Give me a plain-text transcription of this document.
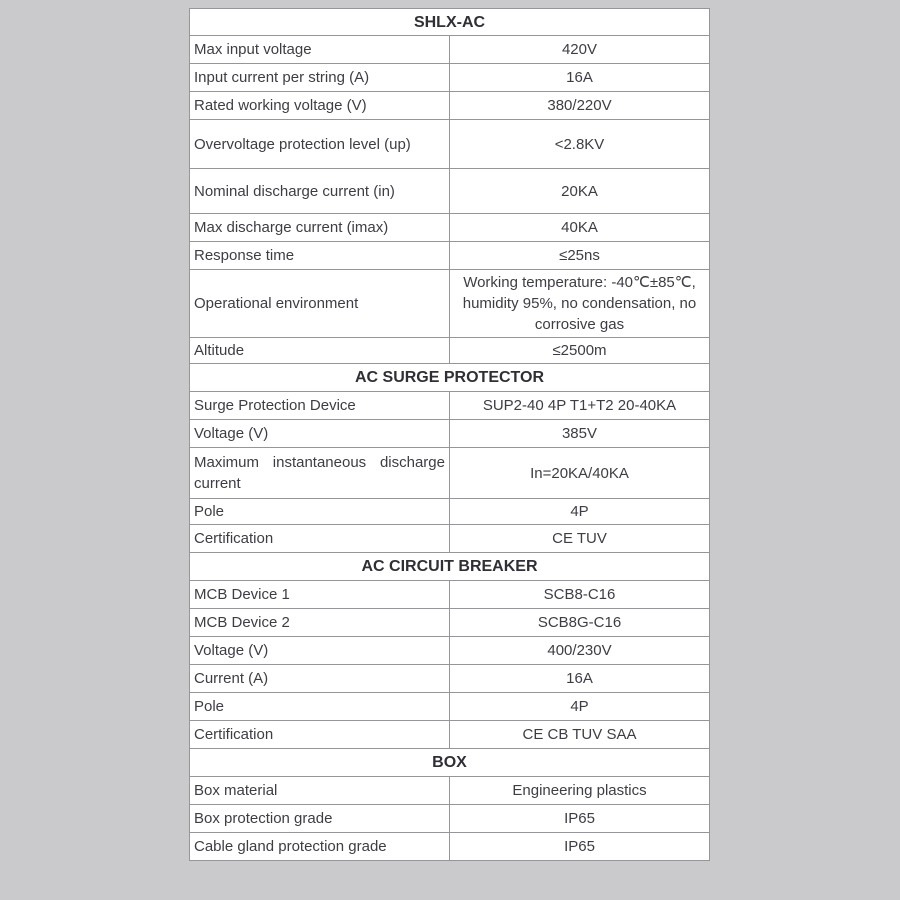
SHLX-AC	
Max input voltage	420V
Input current per string (A)	16A
Rated working voltage (V)	380/220V
Overvoltage protection level (up)	<2.8KV
Nominal discharge current (in)	20KA
Max discharge current (imax)	40KA
Response time	≤25ns
Operational environment	Working temperature: -40℃±85℃, humidity 95%, no condensation, no corrosive gas
Altitude	≤2500m
AC SURGE PROTECTOR	
Surge Protection Device	SUP2-40 4P T1+T2 20-40KA
Voltage (V)	385V
Maximum instantaneous discharge current	In=20KA/40KA
Pole	4P
Certification	CE TUV
AC CIRCUIT BREAKER	
MCB Device 1	SCB8-C16
MCB Device 2	SCB8G-C16
Voltage (V)	400/230V
Current (A)	16A
Pole	4P
Certification	CE CB TUV SAA
BOX	
Box material	Engineering plastics
Box protection grade	IP65
Cable gland protection grade	IP65
